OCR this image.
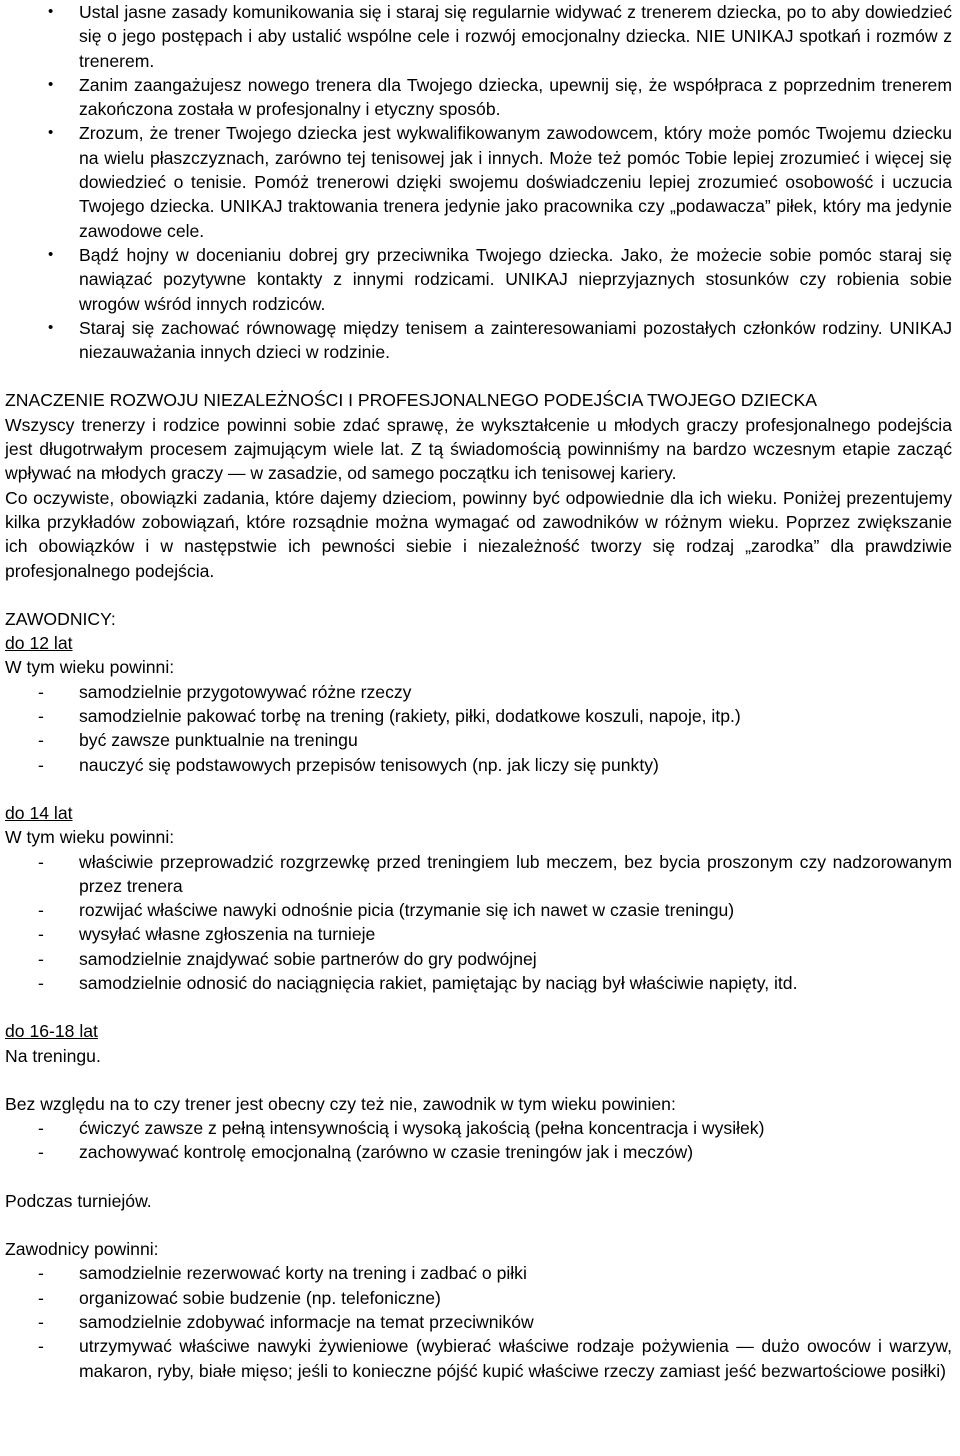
• Ustal jasne zasady komunikowania się i staraj się regularnie widywać z trenerem dziecka, po to aby dowiedzieć się o jego postępach i aby ustalić wspólne cele i rozwój emocjonalny dziecka. NIE UNIKAJ spotkań i rozmów z trenerem.
• Zanim zaangażujesz nowego trenera dla Twojego dziecka, upewnij się, że współpraca z poprzednim trenerem zakończona została w profesjonalny i etyczny sposób.
• Zrozum, że trener Twojego dziecka jest wykwalifikowanym zawodowcem, który może pomóc Twojemu dziecku na wielu płaszczyznach, zarówno tej tenisowej jak i innych. Może też pomóc Tobie lepiej zrozumieć i więcej się dowiedzieć o tenisie. Pomóż trenerowi dzięki swojemu doświadczeniu lepiej zrozumieć osobowość i uczucia Twojego dziecka. UNIKAJ traktowania trenera jedynie jako pracownika czy „podawacza” piłek, który ma jedynie zawodowe cele.
• Bądź hojny w docenianiu dobrej gry przeciwnika Twojego dziecka. Jako, że możecie sobie pomóc staraj się nawiązać pozytywne kontakty z innymi rodzicami. UNIKAJ nieprzyjaznych stosunków czy robienia sobie wrogów wśród innych rodziców.
• Staraj się zachować równowagę między tenisem a zainteresowaniami pozostałych członków rodziny. UNIKAJ niezauważania innych dzieci w rodzinie.

ZNACZENIE ROZWOJU NIEZALEŻNOŚCI I PROFESJONALNEGO PODEJŚCIA TWOJEGO DZIECKA

Wszyscy trenerzy i rodzice powinni sobie zdać sprawę, że wykształcenie u młodych graczy profesjonalnego podejścia jest długotrwałym procesem zajmującym wiele lat. Z tą świadomością powinniśmy na bardzo wczesnym etapie zacząć wpływać na młodych graczy — w zasadzie, od samego początku ich tenisowej kariery.

Co oczywiste, obowiązki zadania, które dajemy dzieciom, powinny być odpowiednie dla ich wieku. Poniżej prezentujemy kilka przykładów zobowiązań, które rozsądnie można wymagać od zawodników w różnym wieku. Poprzez zwiększanie ich obowiązków i w następstwie ich pewności siebie i niezależność tworzy się rodzaj „zarodka” dla prawdziwie profesjonalnego podejścia.

ZAWODNICY:

do 12 lat

W tym wieku powinni:

- samodzielnie przygotowywać różne rzeczy
- samodzielnie pakować torbę na trening (rakiety, piłki, dodatkowe koszuli, napoje, itp.)
- być zawsze punktualnie na treningu
- nauczyć się podstawowych przepisów tenisowych (np. jak liczy się punkty)

do 14 lat

W tym wieku powinni:

- właściwie przeprowadzić rozgrzewkę przed treningiem lub meczem, bez bycia proszonym czy nadzorowanym przez trenera
- rozwijać właściwe nawyki odnośnie picia (trzymanie się ich nawet w czasie treningu)
- wysyłać własne zgłoszenia na turnieje
- samodzielnie znajdywać sobie partnerów do gry podwójnej
- samodzielnie odnosić do naciągnięcia rakiet, pamiętając by naciąg był właściwie napięty, itd.

do 16-18 lat

Na treningu.

Bez względu na to czy trener jest obecny czy też nie, zawodnik w tym wieku powinien:

- ćwiczyć zawsze z pełną intensywnością i wysoką jakością (pełna koncentracja i wysiłek)
- zachowywać kontrolę emocjonalną (zarówno w czasie treningów jak i meczów)

Podczas turniejów.

Zawodnicy powinni:

- samodzielnie rezerwować korty na trening i zadbać o piłki
- organizować sobie budzenie (np. telefoniczne)
- samodzielnie zdobywać informacje na temat przeciwników
- utrzymywać właściwe nawyki żywieniowe (wybierać właściwe rodzaje pożywienia — dużo owoców i warzyw, makaron, ryby, białe mięso; jeśli to konieczne pójść kupić właściwe rzeczy zamiast jeść bezwartościowe posiłki)
